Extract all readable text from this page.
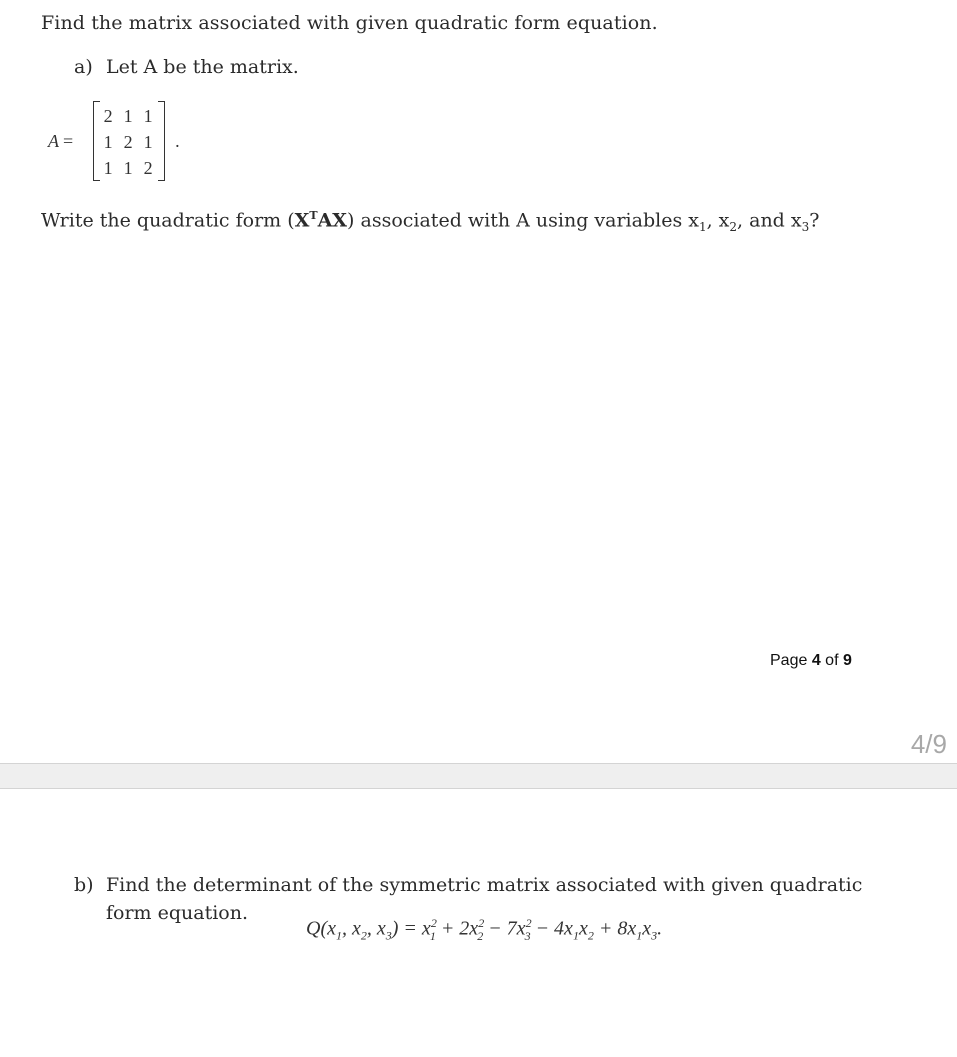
Find the matrix associated with given quadratic form equation.
a) Let A be the matrix.
A =
2 1 1
1 2 1
1 1 2
.
Write the quadratic form $(X^TAX)$ associated with A using variables $x_1$, $x_2$, and $x_3$?
Page 4 of 9
4/9
b) Find the determinant of the symmetric matrix associated with given quadratic
form equation.
$Q(x_1$, $x_2$, $x_3) = x^2_1 + 2x^2_2 - 7x^2_3 - 4x_1x_2 + 8x_1x_3$.
